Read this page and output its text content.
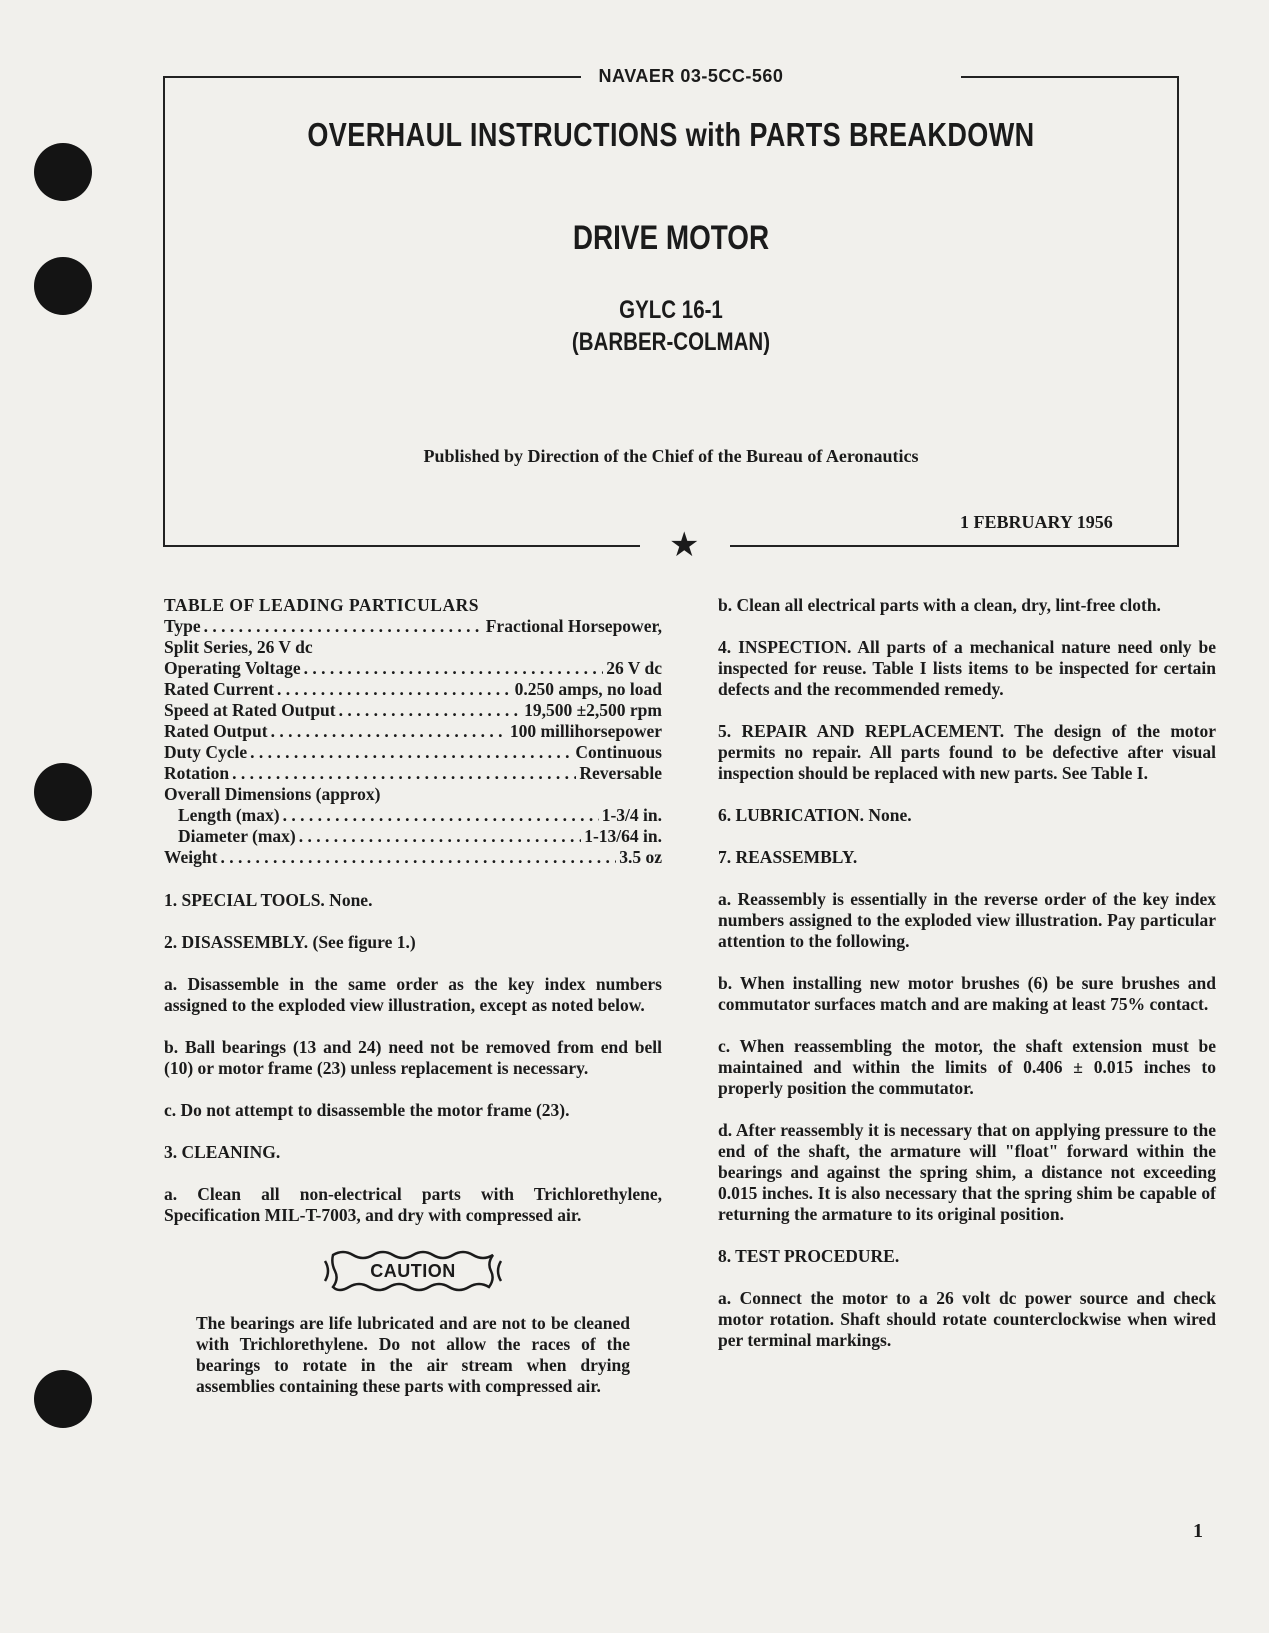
NAVAER 03-5CC-560
★
OVERHAUL INSTRUCTIONS with PARTS BREAKDOWN
DRIVE MOTOR
GYLC 16-1
(BARBER-COLMAN)
Published by Direction of the Chief of the Bureau of Aeronautics
1 FEBRUARY 1956

TABLE OF LEADING PARTICULARS

Type . . .	Fractional Horsepower,

Split Series, 26 V dc

Operating Voltage . . .	26 V dc
Rated Current . . .	0.250 amps, no load
Speed at Rated Output . . .	19,500 ±2,500 rpm
Rated Output . . .	100 millihorsepower
Duty Cycle . . .	Continuous
Rotation . . .	Reversable

Overall Dimensions (approx)

Length (max) . . .	1-3/4 in.
Diameter (max) . . .	1-13/64 in.
Weight . . .	3.5 oz

1. SPECIAL TOOLS. None.

2. DISASSEMBLY. (See figure 1.)

a. Disassemble in the same order as the key index numbers assigned to the exploded view illustration, except as noted below.

b. Ball bearings (13 and 24) need not be removed from end bell (10) or motor frame (23) unless replacement is necessary.

c. Do not attempt to disassemble the motor frame (23).

3. CLEANING.

a. Clean all non-electrical parts with Trichlorethylene, Specification MIL-T-7003, and dry with compressed air.

CAUTION

The bearings are life lubricated and are not to be cleaned with Trichlorethylene. Do not allow the races of the bearings to rotate in the air stream when drying assemblies containing these parts with compressed air.

b. Clean all electrical parts with a clean, dry, lint-free cloth.

4. INSPECTION. All parts of a mechanical nature need only be inspected for reuse. Table I lists items to be inspected for certain defects and the recommended remedy.

5. REPAIR AND REPLACEMENT. The design of the motor permits no repair. All parts found to be defective after visual inspection should be replaced with new parts. See Table I.

6. LUBRICATION. None.

7. REASSEMBLY.

a. Reassembly is essentially in the reverse order of the key index numbers assigned to the exploded view illustration. Pay particular attention to the following.

b. When installing new motor brushes (6) be sure brushes and commutator surfaces match and are making at least 75% contact.

c. When reassembling the motor, the shaft extension must be maintained and within the limits of 0.406 ± 0.015 inches to properly position the commutator.

d. After reassembly it is necessary that on applying pressure to the end of the shaft, the armature will "float" forward within the bearings and against the spring shim, a distance not exceeding 0.015 inches. It is also necessary that the spring shim be capable of returning the armature to its original position.

8. TEST PROCEDURE.

a. Connect the motor to a 26 volt dc power source and check motor rotation. Shaft should rotate counterclockwise when wired per terminal markings.

1
